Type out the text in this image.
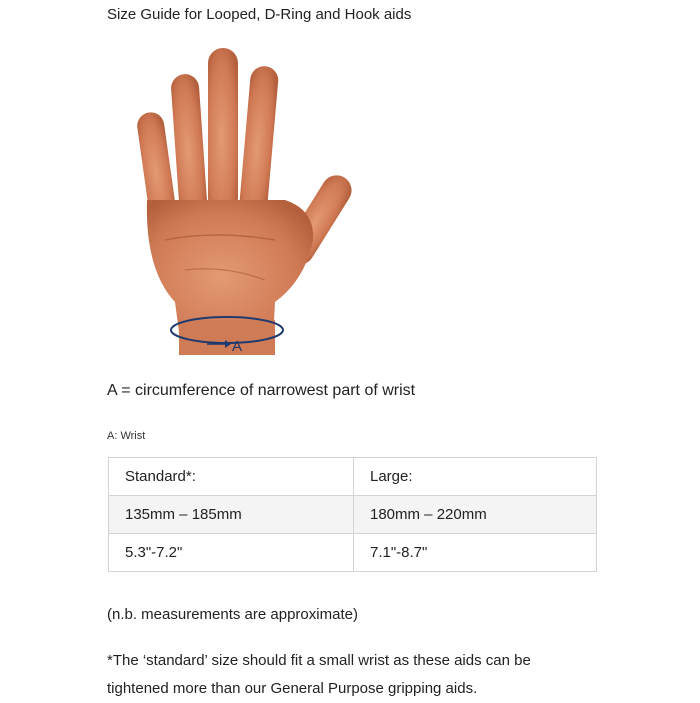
Size Guide for Looped, D-Ring and Hook aids
A
A = circumference of narrowest part of wrist
A: Wrist
Standard*:	Large:
135mm – 185mm	180mm – 220mm
5.3"-7.2"	7.1"-8.7"
(n.b. measurements are approximate)
*The ‘standard’ size should fit a small wrist as these aids can be
tightened more than our General Purpose gripping aids.
